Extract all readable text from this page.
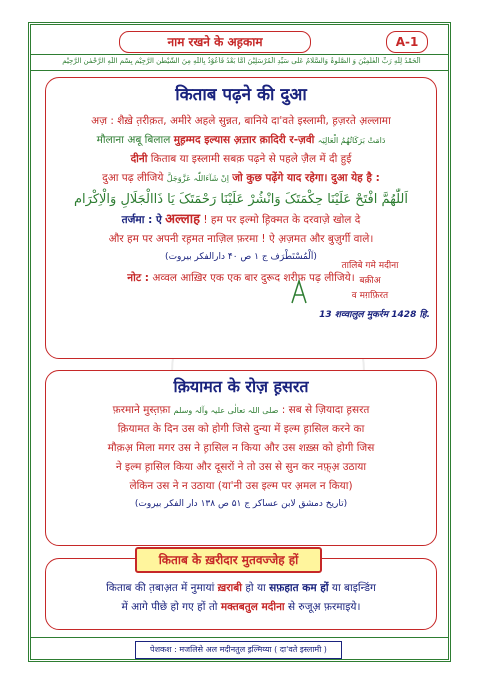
नाम रखने के अह़काम	A-1
اَلْحَمْدُ لِلّٰهِ رَبِّ الْعٰلَمِیْنَ وَ الصَّلٰوۃُ وَالسَّلَامُ عَلٰی سَیِّدِ الْمُرْسَلِیْنَ اَمَّا بَعْدُ فَاَعُوْذُ بِاللّٰهِ مِنَ الشَّیْطٰنِ الرَّجِیْمِ بِسْمِ اللّٰهِ الرَّحْمٰنِ الرَّحِیْمِ
किताब पढ़ने की दुआ
अज़ : शैख़े त़रीक़त, अमीरे अहले सुन्नत, बानिये दा'वते इस्लामी, ह़ज़रते अ़ल्लामा
मौलाना अबू बिलाल मुह़म्मद इल्यास अ़त्त़ार क़ादिरी र-ज़वी دَامَتْ بَرَکَاتُھُمُ الْعَالِیَہ
दीनी किताब या इस्लामी सबक़ पढ़ने से पहले ज़ैल में दी हुई
दुआ पढ़ लीजिये اِنْ شَآءَاللّٰہ عَزَّوَجَلَّ जो कुछ पढ़ेंगे याद रहेगा। दुआ येह है :
اَللّٰھُمَّ افْتَحْ عَلَیْنَا حِکْمَتَکَ وَانْشُرْ عَلَیْنَا رَحْمَتَکَ یَا ذَاالْجَلَالِ وَالْاِکْرَام
तर्जमा : ऐ अल्लाह ! हम पर इल्मो ह़िक्मत के दरवाज़े खोल दे
और हम पर अपनी रह़मत नाज़िल फ़रमा ! ऐ अ़ज़मत और बुज़ुर्गी वाले।
(اَلْمُسْتَطْرَف ج ۱ ص ۴۰ دارالفکر بیروت)
नोट : अव्वल आख़िर एक एक बार दुरूद शरीफ़ पढ़ लीजिये।
तालिबे गमे मदीना
बक़ीअ
व मग़फ़िरत
13 शव्वालुल मुकर्रम 1428 हि.
क़ियामत के रोज़ ह़सरत
फ़रमाने मुस्त़फ़ा صلی اللہ تعالٰی علیہ وآلہ وسلم : सब से ज़ियादा ह़सरत
क़ियामत के दिन उस को होगी जिसे दुन्या में इल्म ह़ासिल करने का
मौक़अ़ मिला मगर उस ने ह़ासिल न किया और उस शख़्स को होगी जिस
ने इल्म ह़ासिल किया और दूसरों ने तो उस से सुन कर नफ़्अ़ उठाया
लेकिन उस ने न उठाया (या'नी उस इल्म पर अ़मल न किया)
(تاریخ دمشق لابن عساکر ج ۵۱ ص ۱۳۸ دار الفکر بیروت)
किताब की त़बाअ़त में नुमायां ख़राबी हो या सफ़हात कम हों या बाइन्डिंग
में आगे पीछे हो गए हों तो मक्तबतुल मदीना से रुजूअ़ फ़रमाइये।
किताब के ख़रीदार मुतवज्जेह हों
पेशकश : मजलिसे अल मदीनतुल इ़ल्मिय्या ( दा'वते इस्लामी )
